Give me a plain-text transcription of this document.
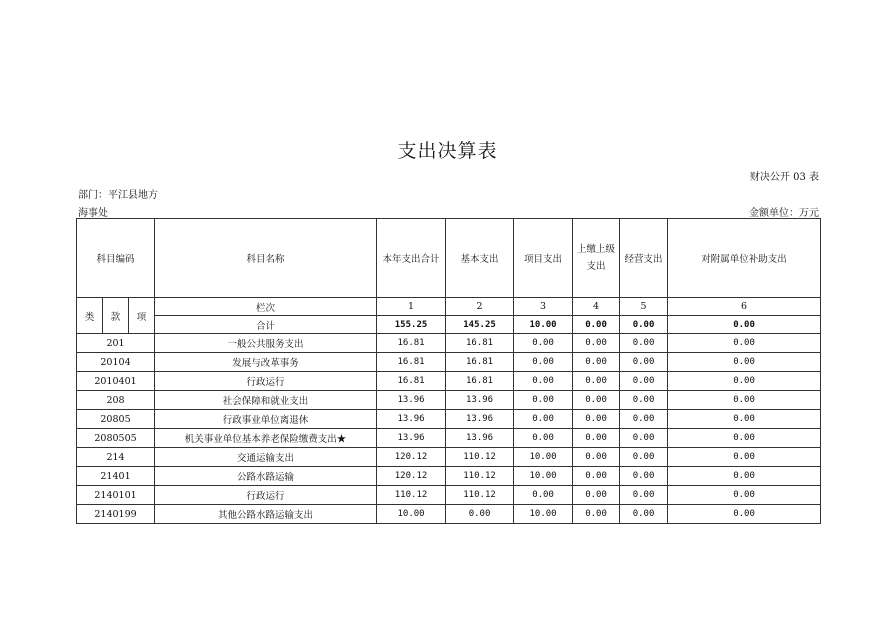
支出决算表
财决公开 03 表
部门：平江县地方
海事处	金额单位：万元
科目编码			科目名称	本年支出合计	基本支出	项目支出	上缴上级支出	经营支出	对附属单位补助支出
类	款	项	栏次	1	2	3	4	5	6
			合计	155.25	145.25	10.00	0.00	0.00	0.00
201			一般公共服务支出	16.81	16.81	0.00	0.00	0.00	0.00
20104			发展与改革事务	16.81	16.81	0.00	0.00	0.00	0.00
2010401			行政运行	16.81	16.81	0.00	0.00	0.00	0.00
208			社会保障和就业支出	13.96	13.96	0.00	0.00	0.00	0.00
20805			行政事业单位离退休	13.96	13.96	0.00	0.00	0.00	0.00
2080505			机关事业单位基本养老保险缴费支出★	13.96	13.96	0.00	0.00	0.00	0.00
214			交通运输支出	120.12	110.12	10.00	0.00	0.00	0.00
21401			公路水路运输	120.12	110.12	10.00	0.00	0.00	0.00
2140101			行政运行	110.12	110.12	0.00	0.00	0.00	0.00
2140199			其他公路水路运输支出	10.00	0.00	10.00	0.00	0.00	0.00
